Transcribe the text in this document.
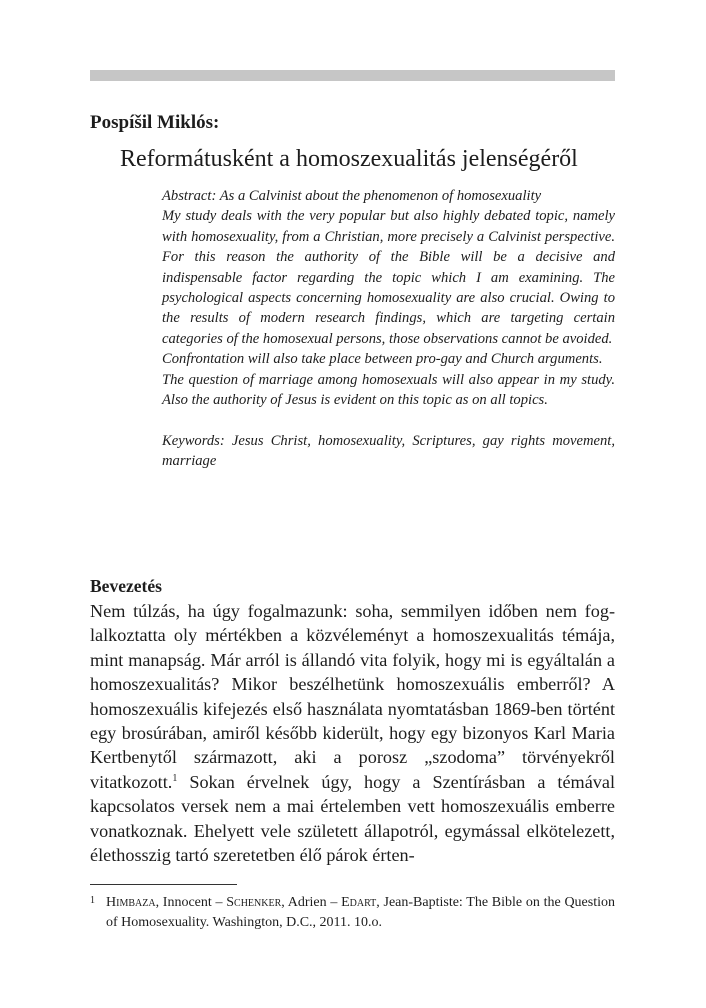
Pospíšil Miklós:
Reformátusként a homoszexualitás jelenségéről

Abstract: As a Calvinist about the phenomenon of homosexuality

My study deals with the very popular but also highly debated topic, namely with homosexuality, from a Christian, more precisely a Calvinist perspective. For this reason the authority of the Bible will be a decisive and indispensable factor regarding the topic which I am examining. The psychological aspects concerning homosexuality are also crucial. Owing to the results of modern research findings, which are targeting certain categories of the homosexual persons, those observations cannot be avoided.

Confrontation will also take place between pro-gay and Church arguments.

The question of marriage among homosexuals will also appear in my study. Also the authority of Jesus is evident on this topic as on all topics.

Keywords: Jesus Christ, homosexuality, Scriptures, gay rights movement, marriage

Bevezetés

Nem túlzás, ha úgy fogalmazunk: soha, semmilyen időben nem foglalkoztatta oly mértékben a közvéleményt a homoszexualitás témája, mint manapság. Már arról is állandó vita folyik, hogy mi is egyáltalán a homoszexualitás? Mikor beszélhetünk homoszexuális emberről? A homoszexuális kifejezés első használata nyomtatásban 1869-ben történt egy brosúrában, amiről később kiderült, hogy egy bizonyos Karl Maria Kertbenytől származott, aki a porosz „szodoma” törvényekről vitatkozott.$^1$ Sokan érvelnek úgy, hogy a Szentírásban a témával kapcsolatos versek nem a mai értelemben vett homoszexuális emberre vonatkoznak. Ehelyett vele született állapotról, egymással elkötelezett, élethosszig tartó szeretetben élő párok érten-

1 Himbaza, Innocent – Schenker, Adrien – Edart, Jean-Baptiste: The Bible on the Question of Homosexuality. Washington, D.C., 2011. 10.o.
